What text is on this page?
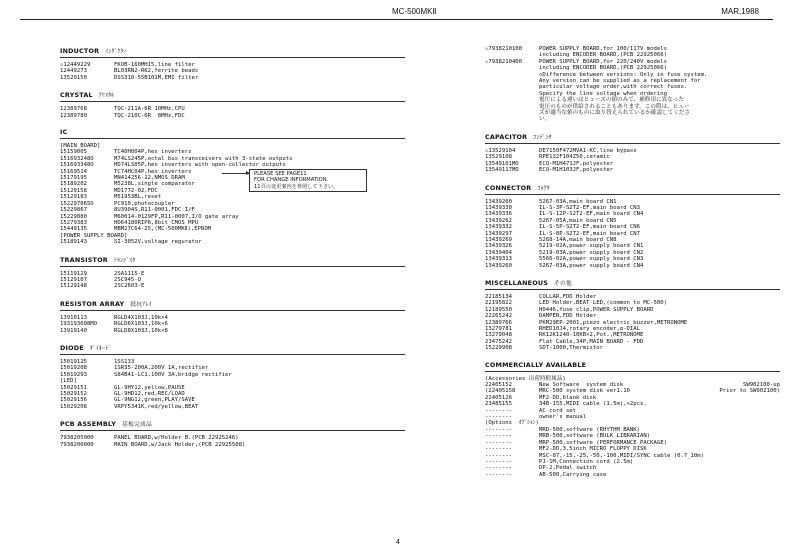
MC-500MKⅡ	MAR,1988
INDUCTOR ｲﾝﾀﾞｸﾀｰ
⚠12449229	FKOB-160MH15,line filter
12449273	BL03RN2-R62,ferrite beads
13529150	DSS310-55B101M,EMI filter
CRYSTAL ｸﾘｽﾀﾙ
12389768	TQC-211A-6R 10MHz,CPU
12389780	TQC-210C-6R  8MHz,FDC
IC
[MAIN BOARD]
15159005	TC40H004P,hex inverters
151693248O	M74LS245P,octal bus transceivers with 3-state outputs
151693348O	HD74LS05P,hex inverters with open-collector outputs
15169514	TC74HC04P,hex inverters
15179195	MN414256-12,NMOS DRAM
15189202	M5238L,single comparator
15129158	MD1772-02,FDC
15129183	M51953BL,reset
152297065O	PC910,photocoupler
15229867	8U3904S,R11-0001,FDC I/F
15229880	M60014-0129FP,R11-0007,I/O gate array
15279383	HD64180RIP6,8bit CMOS MPU
15449135	MBM27C64-25,(MC-500MKⅡ),EPROM
[POWER SUPPLY BOARD]
15189143	SI-3052V,voltage regurator
TRANSISTOR ﾄﾗﾝｼﾞｽﾀ
15119129	2SA1115-E
15129107	2SC945-Q
15129148	2SC2603-E
RESISTOR ARRAY 抵抗ｱﾚｲ
13910113	RGLD4X103J,10k×4
193193608MO	RGLD6X103J,10k×6
13919140	RGLD8X103J,10k×8
DIODE ﾀﾞｲｵｰﾄﾞ
15019125	1SS133
15019208	1SR35-200A,200V 1A,rectifier
15019293	S84B41-LC1,100V 3A,bridge rectifier
[LED]
15029151	GL-9HY12,yellow,PAUSE
15029152	GL-9HD12,red,REC/LOAD
15029156	GL-9NG12,green,PLAY/SAVE
15029208	VRPY5341K,red/yellow,BEAT
PCB ASSEMBLY 基板完成品
7938205000	PANEL BOARD,w/Holder B.(PCB 22925246)
7938206000	MAIN BOARD,w/Jack Holder,(PCB 22925508)
⚠7938210100	POWER SUPPLY BOARD,for 100/117V models
including ENCODER BOARD,(PCB 22925066)
⚠7938210400	POWER SUPPLY BOARD,for 220/240V models
including ENCODER BOARD,(PCB 22925066)
◇Difference between versions: Only in fuse system.
Any version can be supplied as a replacement for
particular voltage order,with correct fuses.
Specify the line voltage when ordering
電圧による違いはヒューズの値のみで、補修用に異なった
電圧のものが供給されることもあります。この際は、ヒュー
ズが適当な値のものに取り替えられているか確認してくださ
い。
CAPACITOR ｺﾝﾃﾞﾝｻ
⚠13529104	DE7150F472MVA1-KC,line bypass
13529108	RPE132F104Z50,ceramic
13549101MO	ECQ-M1H471JF,polyester
13549117MO	ECQ-M1H103JF,polyester
CONNECTOR ｺﾈｸﾀ
13439260	5267-03A,main board CN1
13439330	IL-S-3P-S2T2-EF,main board CN3
13439336	IL-S-12P-S2T2-EF,main board CN4
13439262	5267-05A,main board CN5
13439332	IL-S-5P-S2T2-EF,main board CN6
13439297	IL-S-8P-S2T2-EF,main board CN7
13439269	5268-14A,main board CN8
13439326	5219-02A,power supply board CN1
13439404	5219-03A,power supply board CN2
13439313	5566-02A,power supply board CN3
13439260	5267-03A,power supply board CN4
MISCELLANEOUS その他
22185134	COLLAR,FDD Holder
22195822	LED Holder,BEAT LED,(common to MC-500)
12189550	H0446,fuse clip,POWER SUPPLY BOARD
22265242	DAMPER,FDD Holder
12389766	PKM29EP-2001,piezo electric buzzer,METRONOME
13279781	RHED10J4,rotary encoder,α-DIAL
13279048	RK12K1240-10KB×2,Pot.,METRONOME
23475242	Flat Cable,34P,MAIN BOARD - FDD
15229908	SDT-1000,Thermistor
COMMERCIALLY AVAILABLE
(Accessories 出荷時附属品)
22405152	New Software  system disk	SW902100-up
(22405158	MRC-500 system disk ver1.10	Prior to SW902100)
22405126	MF2-DD,blank disk
23485155	34B-155,MIDI cable (1.5m),×2pcs.
--------	AC cord set
--------	owner's manual
(Options  ｵﾌﾟｼｮﾝ)
--------	MRD-500,software (RHYTHM BANK)
--------	MRB-500,software (BULK LIBRARIAN)
--------	MRP-500,software (PERFORMANCE PACKAGE)
--------	MF2-DD,3.5inch MICRO FLOPPY DISK
--------	MSC-07,-15,-25,-50,-100,MIDI/SYNC cable (0.7_10m)
--------	PJ-1M,Connection cord (2.5m)
--------	DP-2,Pedal switch
--------	AB-500,Carrying case
PLEASE SEE PAGE11
FOR CHANGE INFORMATION.
11頁の変更案内を参照して下さい。
4
